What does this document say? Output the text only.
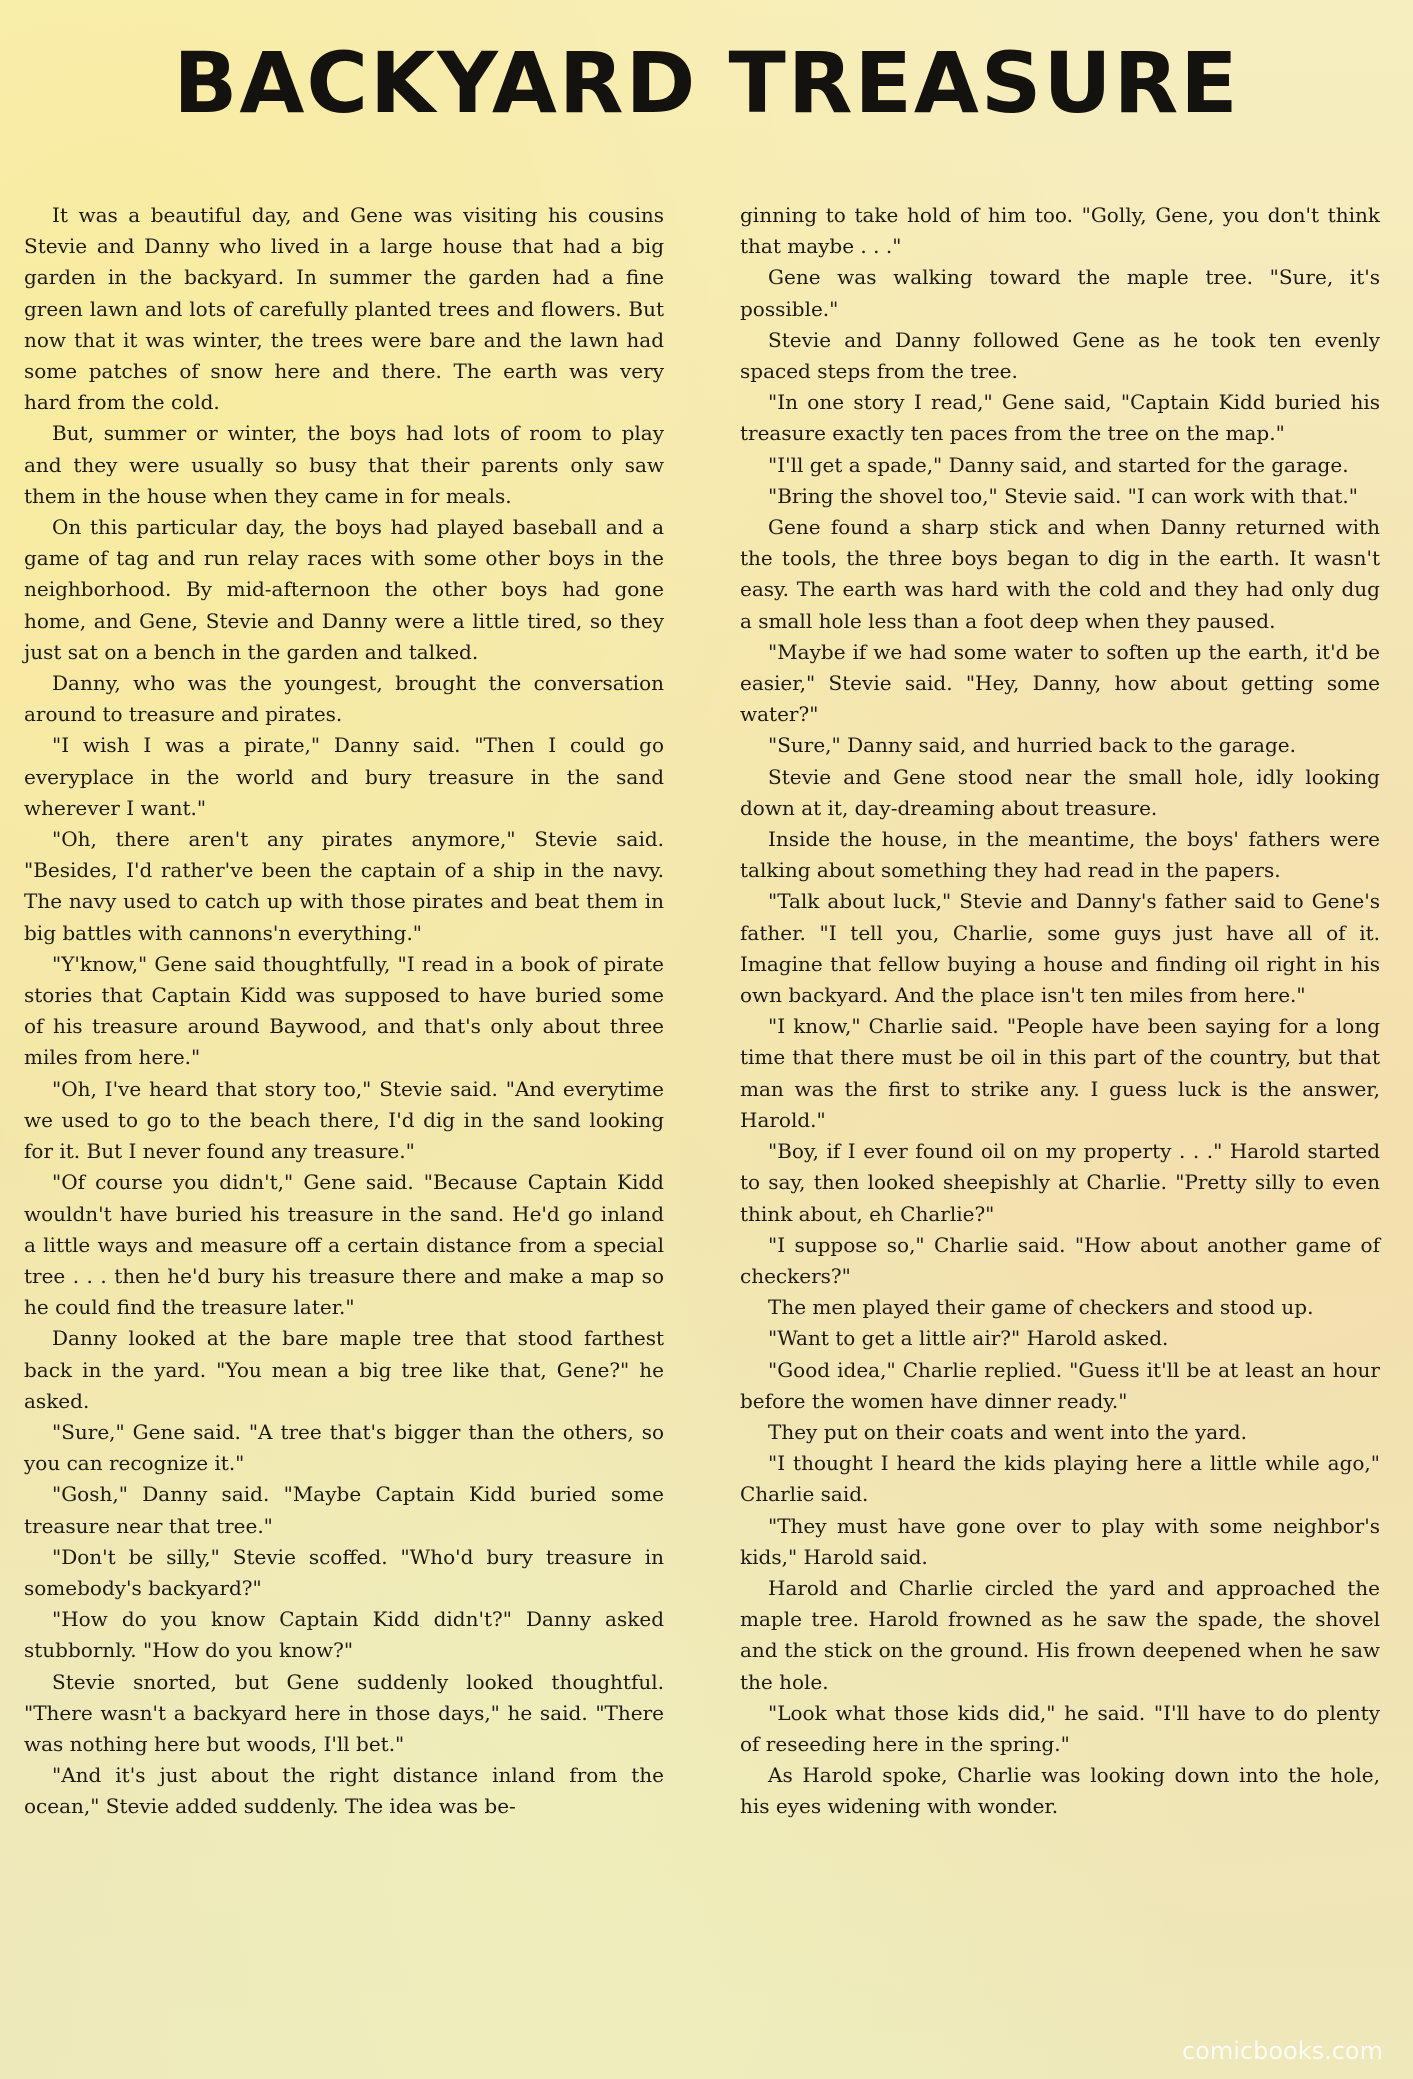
BACKYARD TREASURE

It was a beautiful day, and Gene was visiting his cousins Stevie and Danny who lived in a large house that had a big garden in the backyard. In summer the garden had a fine green lawn and lots of carefully planted trees and flowers. But now that it was winter, the trees were bare and the lawn had some patches of snow here and there. The earth was very hard from the cold.

But, summer or winter, the boys had lots of room to play and they were usually so busy that their parents only saw them in the house when they came in for meals.

On this particular day, the boys had played baseball and a game of tag and run relay races with some other boys in the neighborhood. By mid-afternoon the other boys had gone home, and Gene, Stevie and Danny were a little tired, so they just sat on a bench in the garden and talked.

Danny, who was the youngest, brought the conversation around to treasure and pirates.

"I wish I was a pirate," Danny said. "Then I could go everyplace in the world and bury treasure in the sand wherever I want."

"Oh, there aren't any pirates anymore," Stevie said. "Besides, I'd rather've been the captain of a ship in the navy. The navy used to catch up with those pirates and beat them in big battles with cannons'n everything."

"Y'know," Gene said thoughtfully, "I read in a book of pirate stories that Captain Kidd was supposed to have buried some of his treasure around Baywood, and that's only about three miles from here."

"Oh, I've heard that story too," Stevie said. "And everytime we used to go to the beach there, I'd dig in the sand looking for it. But I never found any treasure."

"Of course you didn't," Gene said. "Because Captain Kidd wouldn't have buried his treasure in the sand. He'd go inland a little ways and measure off a certain distance from a special tree . . . then he'd bury his treasure there and make a map so he could find the treasure later."

Danny looked at the bare maple tree that stood farthest back in the yard. "You mean a big tree like that, Gene?" he asked.

"Sure," Gene said. "A tree that's bigger than the others, so you can recognize it."

"Gosh," Danny said. "Maybe Captain Kidd buried some treasure near that tree."

"Don't be silly," Stevie scoffed. "Who'd bury treasure in somebody's backyard?"

"How do you know Captain Kidd didn't?" Danny asked stubbornly. "How do you know?"

Stevie snorted, but Gene suddenly looked thoughtful. "There wasn't a backyard here in those days," he said. "There was nothing here but woods, I'll bet."

"And it's just about the right distance inland from the ocean," Stevie added suddenly. The idea was be-

ginning to take hold of him too. "Golly, Gene, you don't think that maybe . . ."

Gene was walking toward the maple tree. "Sure, it's possible."

Stevie and Danny followed Gene as he took ten evenly spaced steps from the tree.

"In one story I read," Gene said, "Captain Kidd buried his treasure exactly ten paces from the tree on the map."

"I'll get a spade," Danny said, and started for the garage.

"Bring the shovel too," Stevie said. "I can work with that."

Gene found a sharp stick and when Danny returned with the tools, the three boys began to dig in the earth. It wasn't easy. The earth was hard with the cold and they had only dug a small hole less than a foot deep when they paused.

"Maybe if we had some water to soften up the earth, it'd be easier," Stevie said. "Hey, Danny, how about getting some water?"

"Sure," Danny said, and hurried back to the garage.

Stevie and Gene stood near the small hole, idly looking down at it, day-dreaming about treasure.

Inside the house, in the meantime, the boys' fathers were talking about something they had read in the papers.

"Talk about luck," Stevie and Danny's father said to Gene's father. "I tell you, Charlie, some guys just have all of it. Imagine that fellow buying a house and finding oil right in his own backyard. And the place isn't ten miles from here."

"I know," Charlie said. "People have been saying for a long time that there must be oil in this part of the country, but that man was the first to strike any. I guess luck is the answer, Harold."

"Boy, if I ever found oil on my property . . ." Harold started to say, then looked sheepishly at Charlie. "Pretty silly to even think about, eh Charlie?"

"I suppose so," Charlie said. "How about another game of checkers?"

The men played their game of checkers and stood up.

"Want to get a little air?" Harold asked.

"Good idea," Charlie replied. "Guess it'll be at least an hour before the women have dinner ready."

They put on their coats and went into the yard.

"I thought I heard the kids playing here a little while ago," Charlie said.

"They must have gone over to play with some neighbor's kids," Harold said.

Harold and Charlie circled the yard and approached the maple tree. Harold frowned as he saw the spade, the shovel and the stick on the ground. His frown deepened when he saw the hole.

"Look what those kids did," he said. "I'll have to do plenty of reseeding here in the spring."

As Harold spoke, Charlie was looking down into the hole, his eyes widening with wonder.

comicbooks.com
